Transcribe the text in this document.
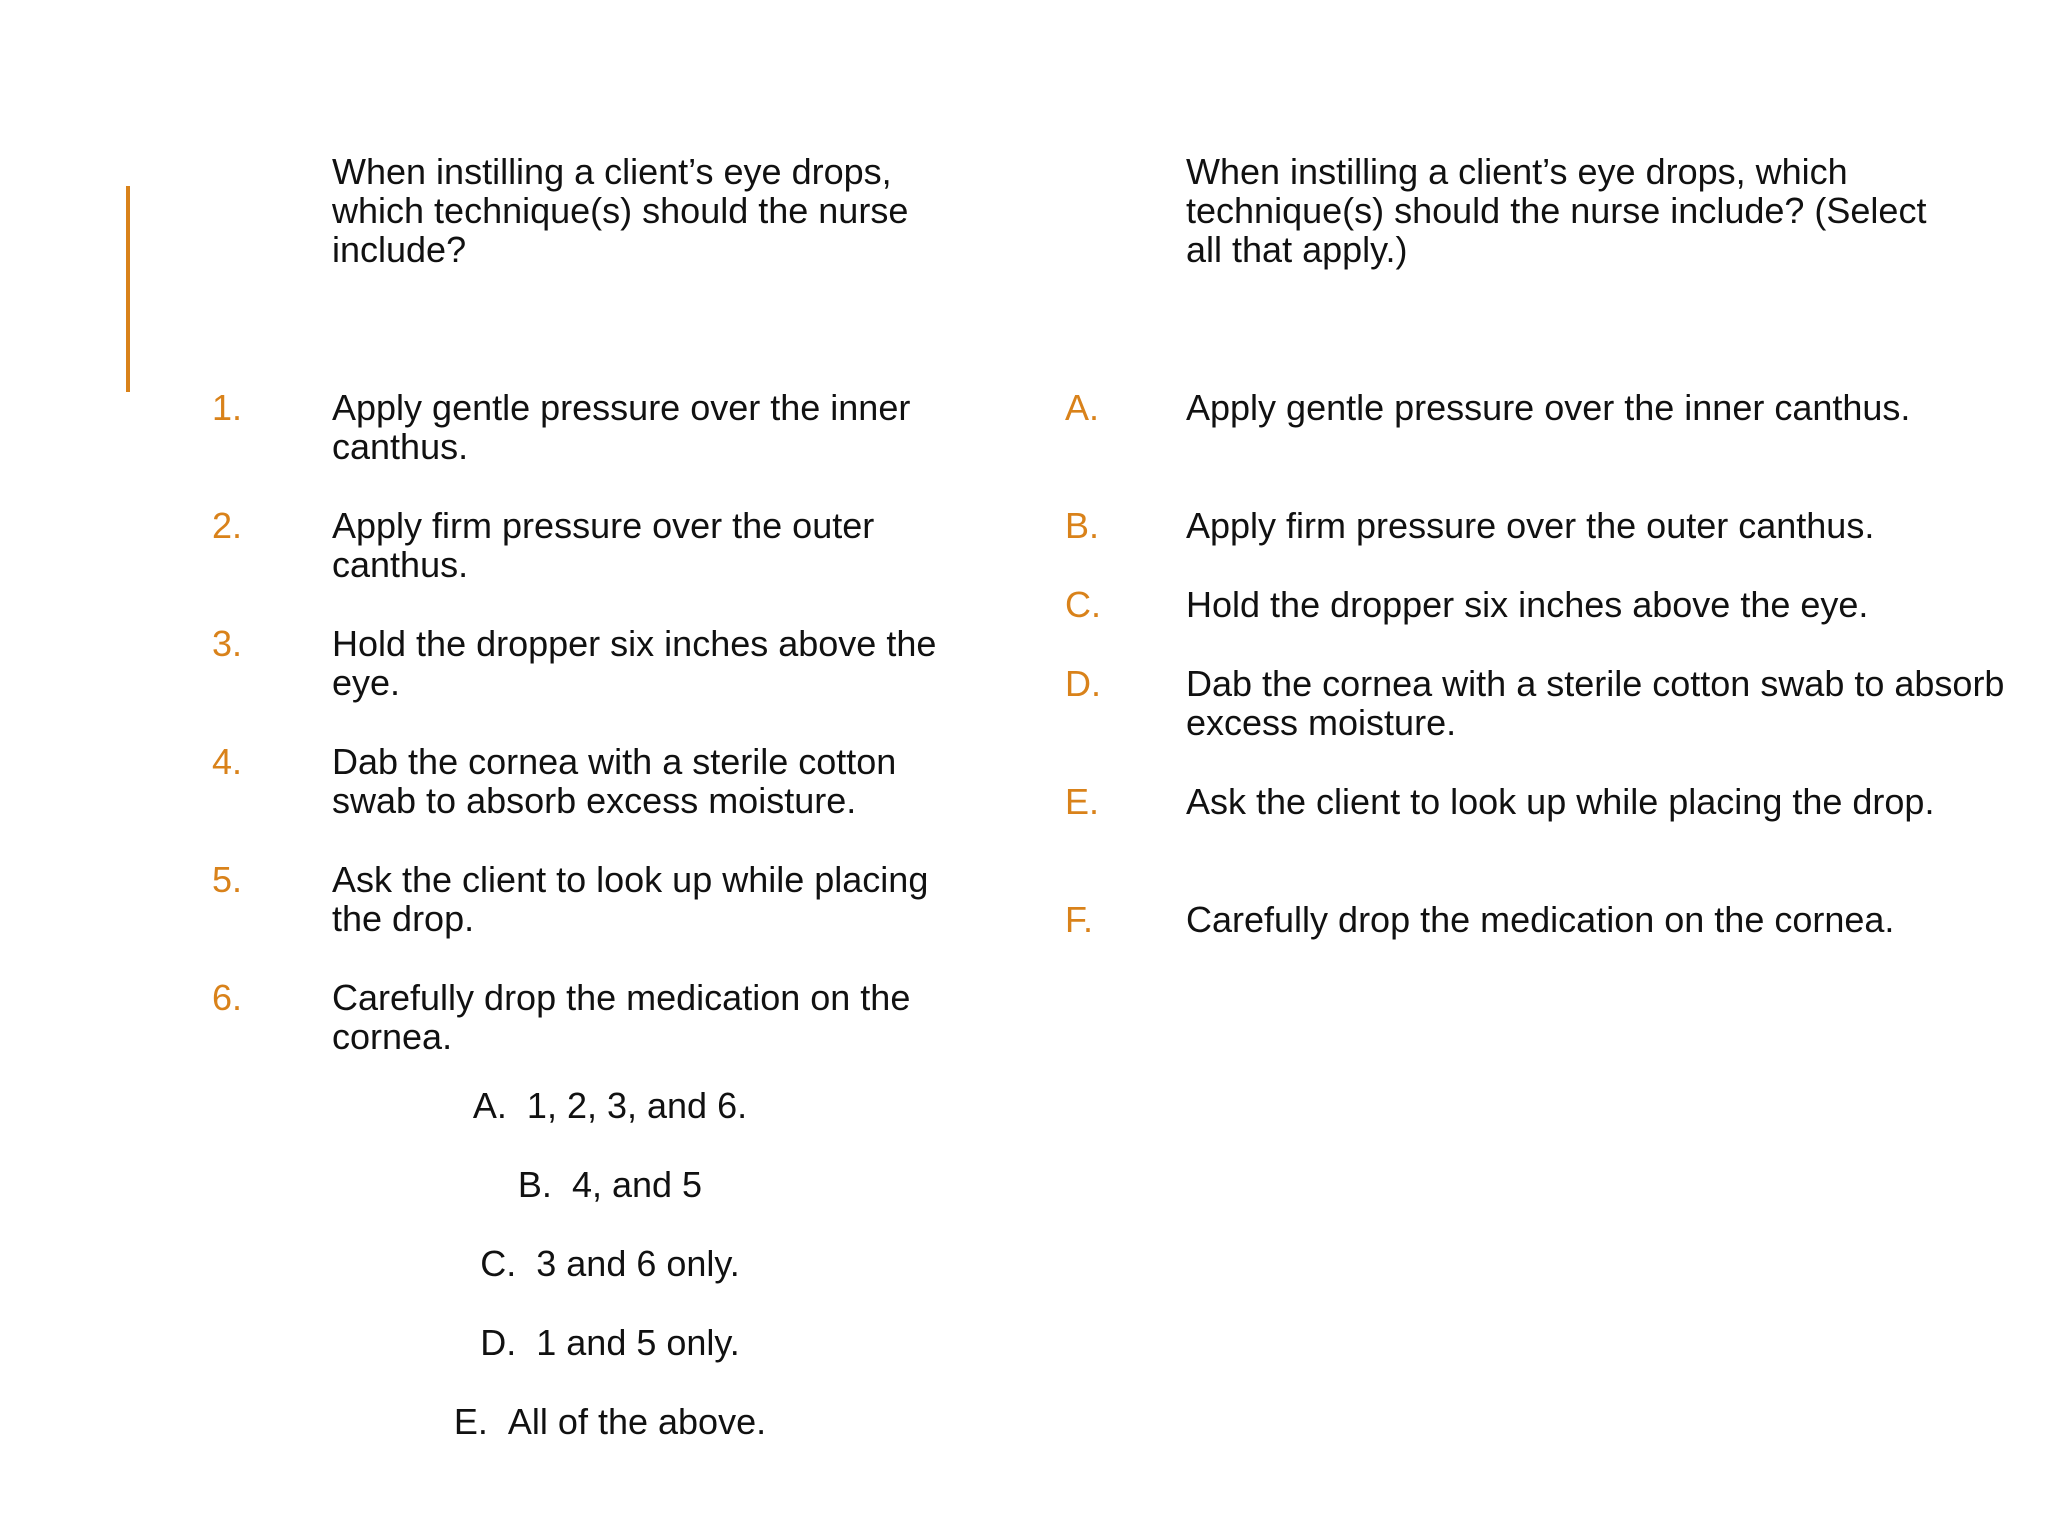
When instilling a client’s eye drops, which technique(s) should the nurse include?
When instilling a client’s eye drops, which technique(s) should the nurse include? (Select all that apply.)
1. Apply gentle pressure over the inner canthus.
2. Apply firm pressure over the outer canthus.
3. Hold the dropper six inches above the eye.
4. Dab the cornea with a sterile cotton swab to absorb excess moisture.
5. Ask the client to look up while placing the drop.
6. Carefully drop the medication on the cornea.
A. 1, 2, 3, and 6.
B. 4, and 5
C. 3 and 6 only.
D. 1 and 5 only.
E. All of the above.
A. Apply gentle pressure over the inner canthus.
B. Apply firm pressure over the outer canthus.
C. Hold the dropper six inches above the eye.
D. Dab the cornea with a sterile cotton swab to absorb excess moisture.
E. Ask the client to look up while placing the drop.
F.	Carefully drop the medication on the cornea.
